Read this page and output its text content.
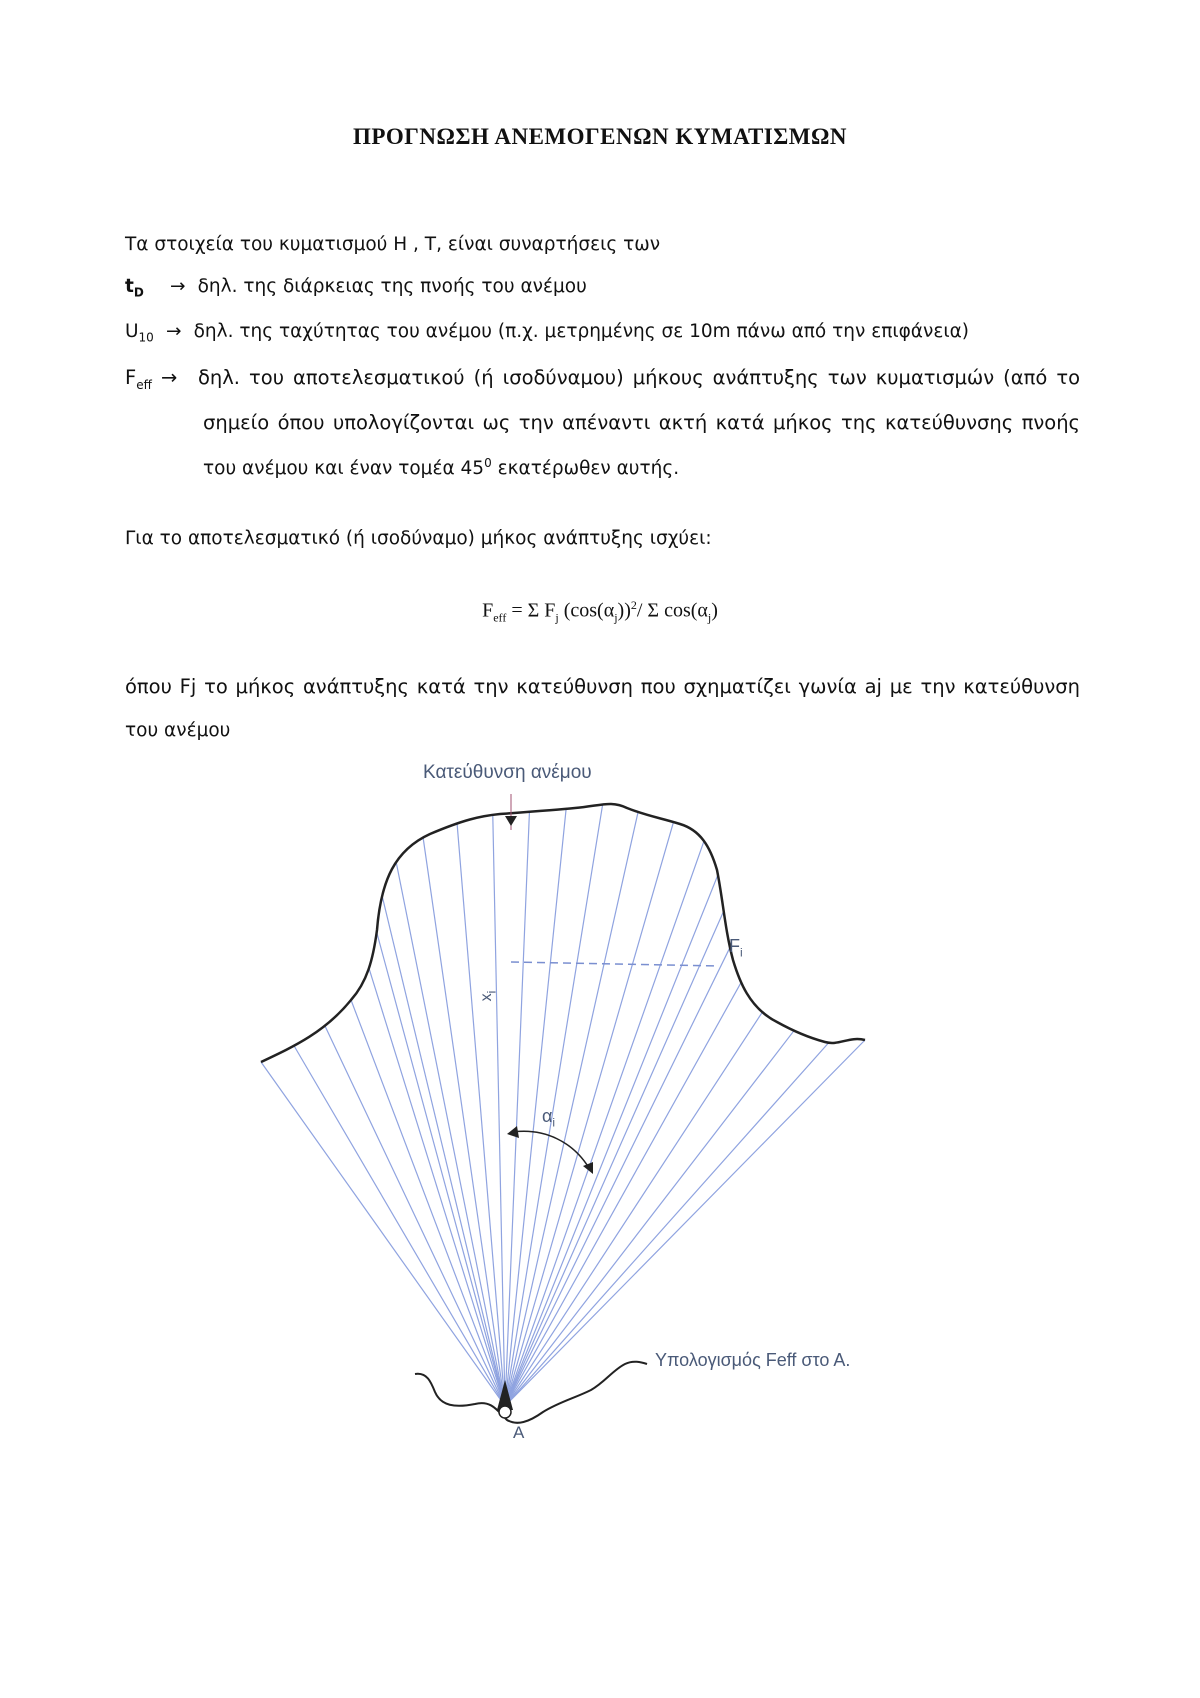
ΠΡΟΓΝΩΣΗ ΑΝΕΜΟΓΕΝΩΝ ΚΥΜΑΤΙΣΜΩΝ
Τα στοιχεία του κυματισμού H , T, είναι συναρτήσεις των
$t_D \to \delta\eta\lambda$. της διάρκειας της πνοής του ανέμου
$U_{10} \to \delta\eta\lambda$. της ταχύτητας του ανέμου (π.χ. μετρημένης σε 10m πάνω από την επιφάνεια)
$F_{eff} \to \delta\eta\lambda$. του αποτελεσματικού (ή ισοδύναμου) μήκους ανάπτυξης των κυματισμών (από το
σημείο όπου υπολογίζονται ως την απέναντι ακτή κατά μήκος της κατεύθυνσης πνοής
του ανέμου και έναν τομέα $45^0$ εκατέρωθεν αυτής.
Για το αποτελεσματικό (ή ισοδύναμο) μήκος ανάπτυξης ισχύει:
$F_{eff} = \Sigma$ $F_j$ $(\cos(\alpha_j))^2/$ Σ $\cos(\alpha_j)$
όπου Fj το μήκος ανάπτυξης κατά την κατεύθυνση που σχηματίζει γωνία aj με την κατεύθυνση
του ανέμου
Κατεύθυνση ανέμου
$F_i$
$x_i$
$\alpha_i$
Υπολογισμός Feff στο Α.
A
